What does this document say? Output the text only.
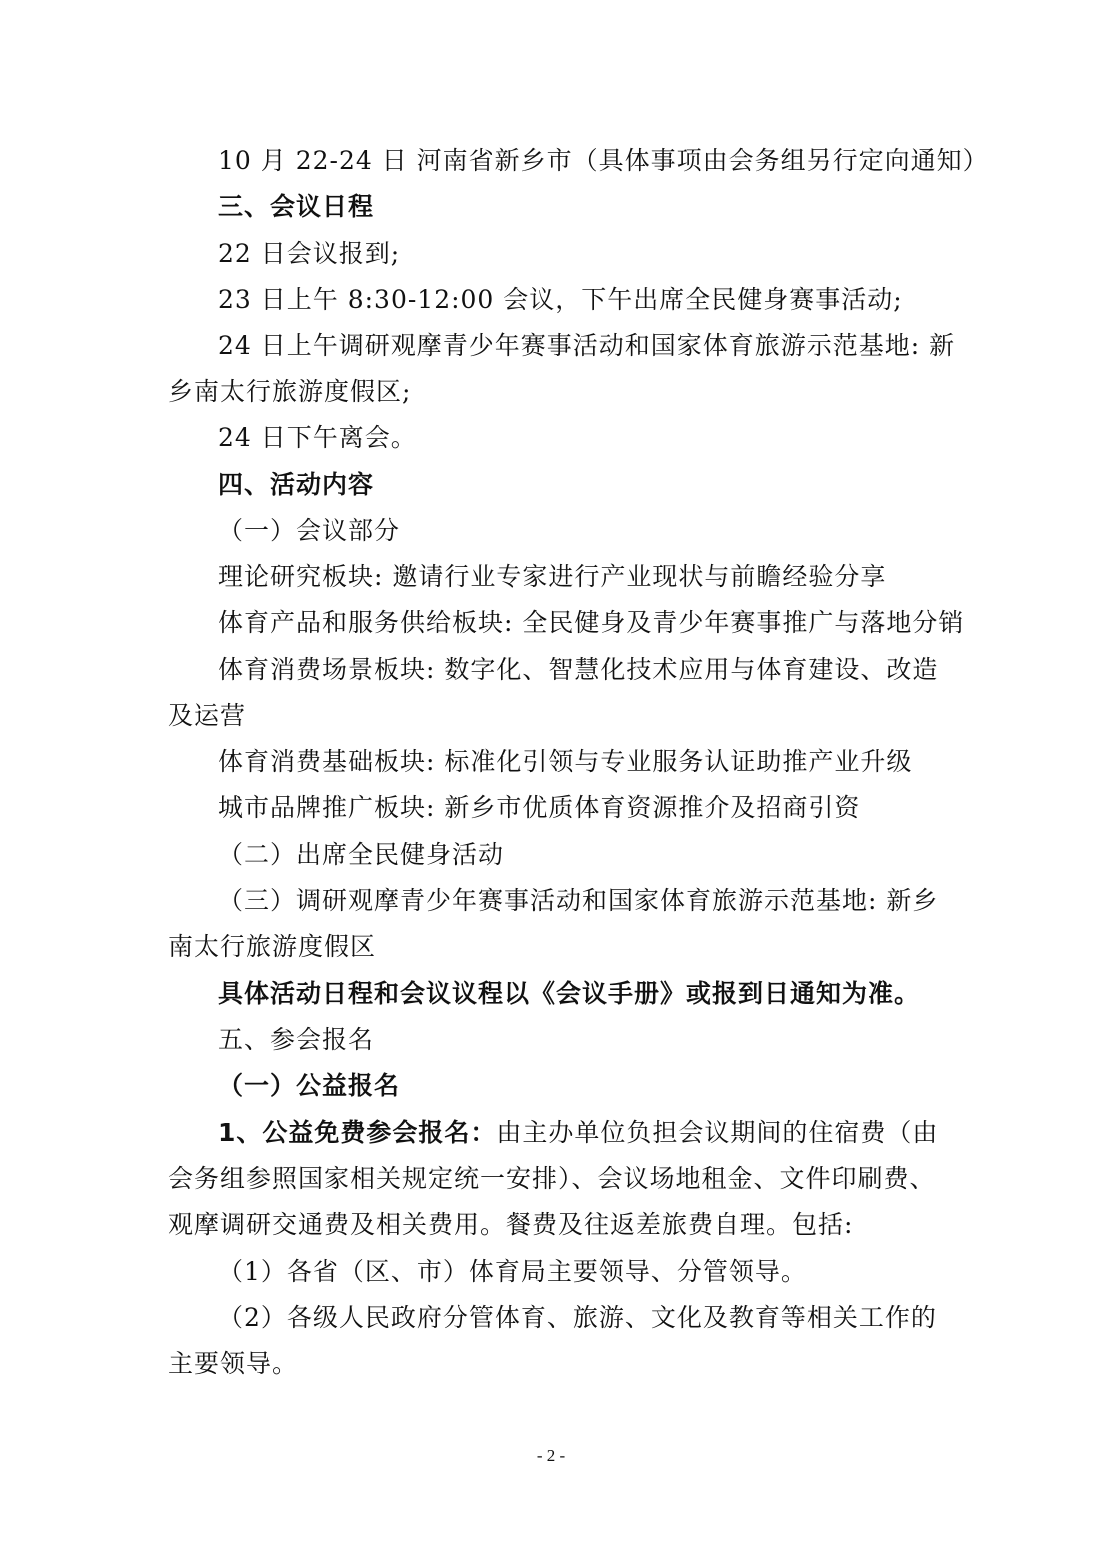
10 月 22-24 日 河南省新乡市（具体事项由会务组另行定向通知）
三、会议日程
22 日会议报到;
23 日上午 8:30-12:00 会议，下午出席全民健身赛事活动;
24 日上午调研观摩青少年赛事活动和国家体育旅游示范基地: 新
乡南太行旅游度假区;
24 日下午离会。
四、活动内容
（一）会议部分
理论研究板块: 邀请行业专家进行产业现状与前瞻经验分享
体育产品和服务供给板块: 全民健身及青少年赛事推广与落地分销
体育消费场景板块: 数字化、智慧化技术应用与体育建设、改造
及运营
体育消费基础板块: 标准化引领与专业服务认证助推产业升级
城市品牌推广板块: 新乡市优质体育资源推介及招商引资
（二）出席全民健身活动
（三）调研观摩青少年赛事活动和国家体育旅游示范基地: 新乡
南太行旅游度假区
具体活动日程和会议议程以《会议手册》或报到日通知为准。
五、参会报名
（一）公益报名
1、公益免费参会报名：由主办单位负担会议期间的住宿费（由
会务组参照国家相关规定统一安排）、会议场地租金、文件印刷费、
观摩调研交通费及相关费用。餐费及往返差旅费自理。包括:
（1）各省（区、市）体育局主要领导、分管领导。
（2）各级人民政府分管体育、旅游、文化及教育等相关工作的
主要领导。
- 2 -
